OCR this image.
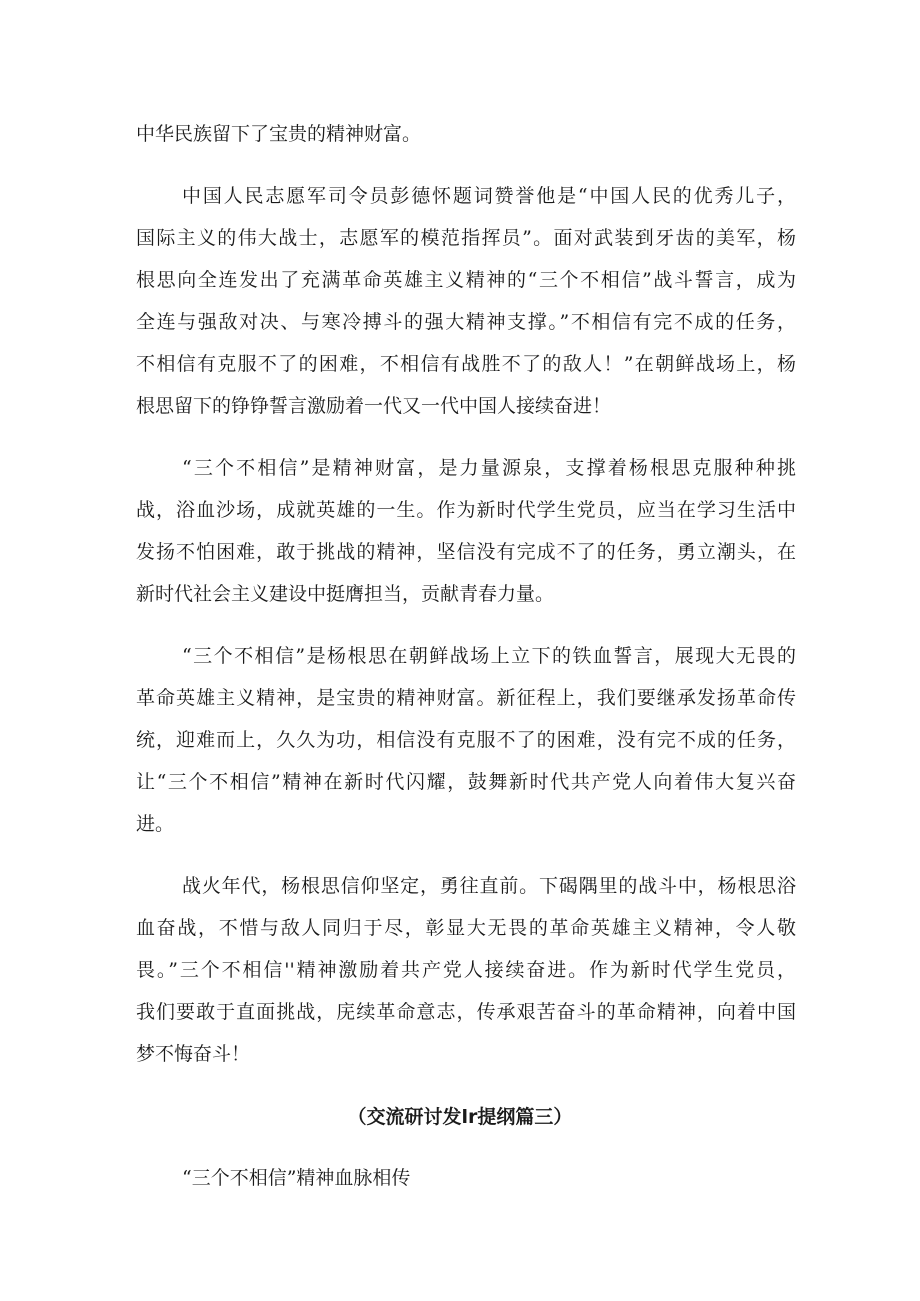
中华民族留下了宝贵的精神财富。
中国人民志愿军司令员彭德怀题词赞誉他是“中国人民的优秀儿子，
国际主义的伟大战士，志愿军的模范指挥员”。面对武装到牙齿的美军，杨
根思向全连发出了充满革命英雄主义精神的“三个不相信”战斗誓言，成为
全连与强敌对决、与寒冷搏斗的强大精神支撑。”不相信有完不成的任务，
不相信有克服不了的困难，不相信有战胜不了的敌人！”在朝鲜战场上，杨
根思留下的铮铮誓言激励着一代又一代中国人接续奋进！
“三个不相信”是精神财富，是力量源泉，支撑着杨根思克服种种挑
战，浴血沙场，成就英雄的一生。作为新时代学生党员，应当在学习生活中
发扬不怕困难，敢于挑战的精神，坚信没有完成不了的任务，勇立潮头，在
新时代社会主义建设中挺膺担当，贡献青春力量。
“三个不相信”是杨根思在朝鲜战场上立下的铁血誓言，展现大无畏的
革命英雄主义精神，是宝贵的精神财富。新征程上，我们要继承发扬革命传
统，迎难而上，久久为功，相信没有克服不了的困难，没有完不成的任务，
让“三个不相信”精神在新时代闪耀，鼓舞新时代共产党人向着伟大复兴奋
进。
战火年代，杨根思信仰坚定，勇往直前。下碣隅里的战斗中，杨根思浴
血奋战，不惜与敌人同归于尽，彰显大无畏的革命英雄主义精神，令人敬
畏。”三个不相信''精神激励着共产党人接续奋进。作为新时代学生党员，
我们要敢于直面挑战，庑续革命意志，传承艰苦奋斗的革命精神，向着中国
梦不悔奋斗！
（交流研讨发lr提纲篇三）
“三个不相信”精神血脉相传
